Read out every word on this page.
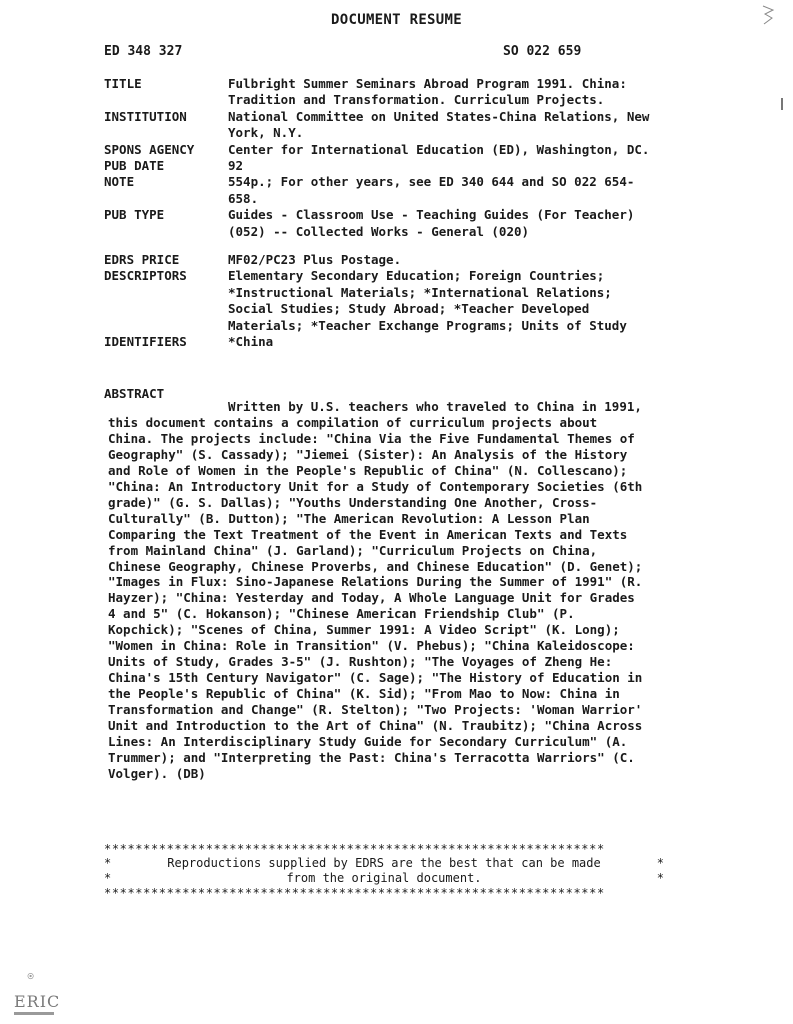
DOCUMENT RESUME
ED 348 327	SO 022 659
TITLE	Fulbright Summer Seminars Abroad Program 1991. China: Tradition and Transformation. Curriculum Projects.
INSTITUTION	National Committee on United States-China Relations, New York, N.Y.
SPONS AGENCY	Center for International Education (ED), Washington, DC.
PUB DATE	92
NOTE	554p.; For other years, see ED 340 644 and SO 022 654-658.
PUB TYPE	Guides - Classroom Use - Teaching Guides (For Teacher) (052) -- Collected Works - General (020)
EDRS PRICE	MF02/PC23 Plus Postage.
DESCRIPTORS	Elementary Secondary Education; Foreign Countries; *Instructional Materials; *International Relations; Social Studies; Study Abroad; *Teacher Developed Materials; *Teacher Exchange Programs; Units of Study
IDENTIFIERS	*China
ABSTRACT
Written by U.S. teachers who traveled to China in 1991, this document contains a compilation of curriculum projects about China. The projects include: "China Via the Five Fundamental Themes of Geography" (S. Cassady); "Jiemei (Sister): An Analysis of the History and Role of Women in the People's Republic of China" (N. Collescano); "China: An Introductory Unit for a Study of Contemporary Societies (6th grade)" (G. S. Dallas); "Youths Understanding One Another, Cross-Culturally" (B. Dutton); "The American Revolution: A Lesson Plan Comparing the Text Treatment of the Event in American Texts and Texts from Mainland China" (J. Garland); "Curriculum Projects on China, Chinese Geography, Chinese Proverbs, and Chinese Education" (D. Genet); "Images in Flux: Sino-Japanese Relations During the Summer of 1991" (R. Hayzer); "China: Yesterday and Today, A Whole Language Unit for Grades 4 and 5" (C. Hokanson); "Chinese American Friendship Club" (P. Kopchick); "Scenes of China, Summer 1991: A Video Script" (K. Long); "Women in China: Role in Transition" (V. Phebus); "China Kaleidoscope: Units of Study, Grades 3-5" (J. Rushton); "The Voyages of Zheng He: China's 15th Century Navigator" (C. Sage); "The History of Education in the People's Republic of China" (K. Sid); "From Mao to Now: China in Transformation and Change" (R. Stelton); "Two Projects: 'Woman Warrior' Unit and Introduction to the Art of China" (N. Traubitz); "China Across Lines: An Interdisciplinary Study Guide for Secondary Curriculum" (A. Trummer); and "Interpreting the Past: China's Terracotta Warriors" (C. Volger). (DB)
****************************************************************
*	Reproductions supplied by EDRS are the best that can be made	*
*	from the original document.	*
****************************************************************
ERIC
